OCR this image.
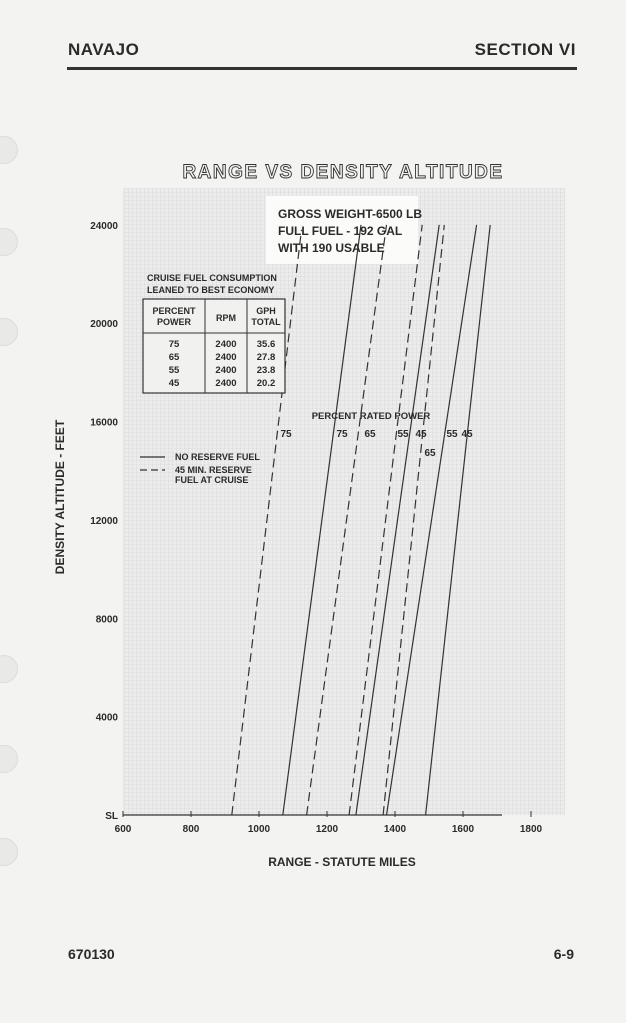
NAVAJO	SECTION VI
GROSS WEIGHT-6500 LB
FULL FUEL - 192 GAL
WITH 190 USABLE
CRUISE FUEL CONSUMPTION
LEANED TO BEST ECONOMY
PERCENT
POWER	RPM
GPH
TOTAL
75	2400 35.6
65	2400 27.8
55	2400 23.8
45	2400 20.2
PERCENT RATED POWER
75	75 65 55 45 55 45
65
NO RESERVE FUEL
45 MIN. RESERVE
FUEL AT CRUISE
600	800	1000	1200	1400	1600	1800
SL
4000
8000
12000
16000
20000
24000
RANGE - STATUTE MILES
DENSITY ALTITUDE - FEET
RANGE VS DENSITY ALTITUDE
670130	6-9
